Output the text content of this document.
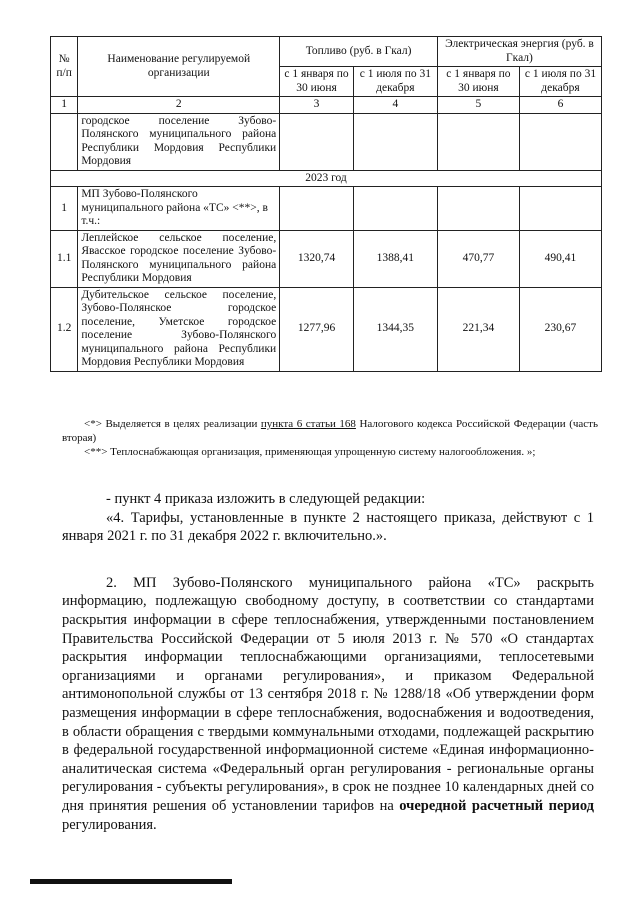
№ п/п	Наименование регулируемой организации	Топливо (руб. в Гкал)		Электрическая энергия (руб. в Гкал)	
		с 1 января по 30 июня	с 1 июля по 31 декабря	с 1 января по 30 июня	с 1 июля по 31 декабря
1	2	3	4	5	6
	городское поселение Зубово-Полянского муниципального района Республики Мордовия Республики Мордовия				
2023 год					
1	МП Зубово-Полянского муниципального района «ТС» <**>, в т.ч.:				
1.1	Леплейское сельское поселение, Явасское городское поселение Зубово-Полянского муниципального района Республики Мордовия	1320,74	1388,41	470,77	490,41
1.2	Дубительское сельское поселение, Зубово-Полянское городское поселение, Уметское городское поселение Зубово-Полянского муниципального района Республики Мордовия Республики Мордовия	1277,96	1344,35	221,34	230,67

<*> Выделяется в целях реализации пункта 6 статьи 168 Налогового кодекса Российской Федерации (часть вторая)

<**> Теплоснабжающая организация, применяющая упрощенную систему налогообложения. »;

- пункт 4 приказа изложить в следующей редакции:

«4. Тарифы, установленные в пункте 2 настоящего приказа, действуют с 1 января 2021 г. по 31 декабря 2022 г. включительно.».

2. МП Зубово-Полянского муниципального района «ТС» раскрыть информацию, подлежащую свободному доступу, в соответствии со стандартами раскрытия информации в сфере теплоснабжения, утвержденными постановлением Правительства Российской Федерации от 5 июля 2013 г. № 570 «О стандартах раскрытия информации теплоснабжающими организациями, теплосетевыми организациями и органами регулирования», и приказом Федеральной антимонопольной службы от 13 сентября 2018 г. № 1288/18 «Об утверждении форм размещения информации в сфере теплоснабжения, водоснабжения и водоотведения, в области обращения с твердыми коммунальными отходами, подлежащей раскрытию в федеральной государственной информационной системе «Единая информационно-аналитическая система «Федеральный орган регулирования - региональные органы регулирования - субъекты регулирования», в срок не позднее 10 календарных дней со дня принятия решения об установлении тарифов на очередной расчетный период регулирования.
